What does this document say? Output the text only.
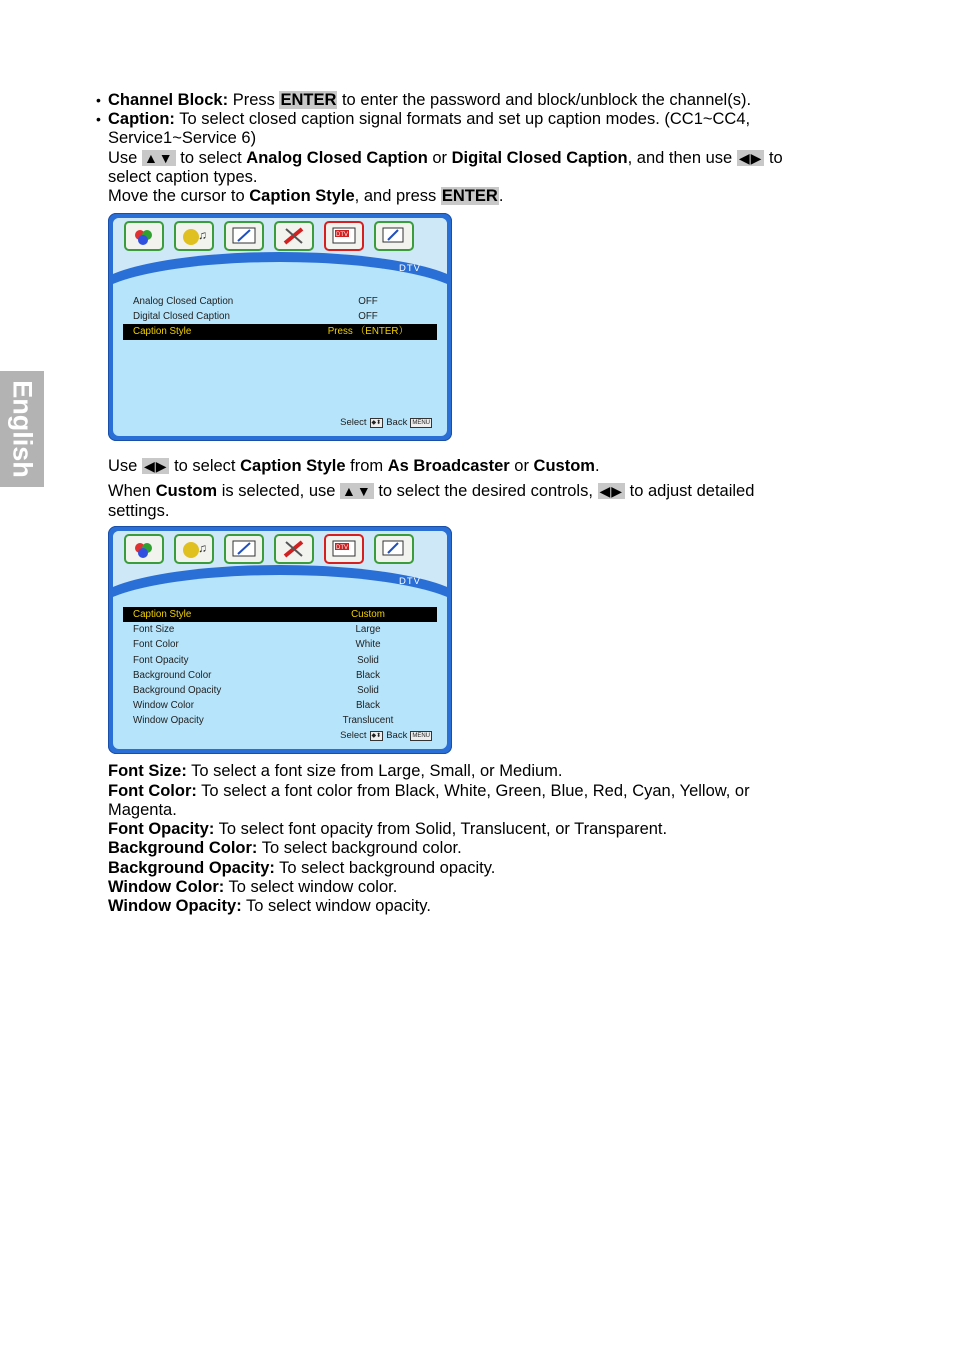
English
• Channel Block: Press ENTER to enter the password and block/unblock the channel(s).
• Caption: To select closed caption signal formats and set up caption modes. (CC1~CC4,
Service1~Service 6)
Use ▲▼ to select Analog Closed Caption or Digital Closed Caption, and then use ◀▶ to
select caption types.
Move the cursor to Caption Style, and press ENTER.
♫	DTV
DTV
Analog Closed Caption	OFF
Digital Closed Caption	OFF
Caption Style	Press （ENTER）
Select ◆⬍ Back MENU
Use ◀▶ to select Caption Style from As Broadcaster or Custom.
When Custom is selected, use ▲▼ to select the desired controls, ◀▶ to adjust detailed
settings.
♫	DTV
DTV
Caption Style	Custom
Font Size	Large
Font Color	White
Font Opacity	Solid
Background Color	Black
Background Opacity	Solid
Window Color	Black
Window Opacity	Translucent
Select ◆⬍ Back MENU
Font Size: To select a font size from Large, Small, or Medium.
Font Color: To select a font color from Black, White, Green, Blue, Red, Cyan, Yellow, or
Magenta.
Font Opacity: To select font opacity from Solid, Translucent, or Transparent.
Background Color: To select background color.
Background Opacity: To select background opacity.
Window Color: To select window color.
Window Opacity: To select window opacity.
